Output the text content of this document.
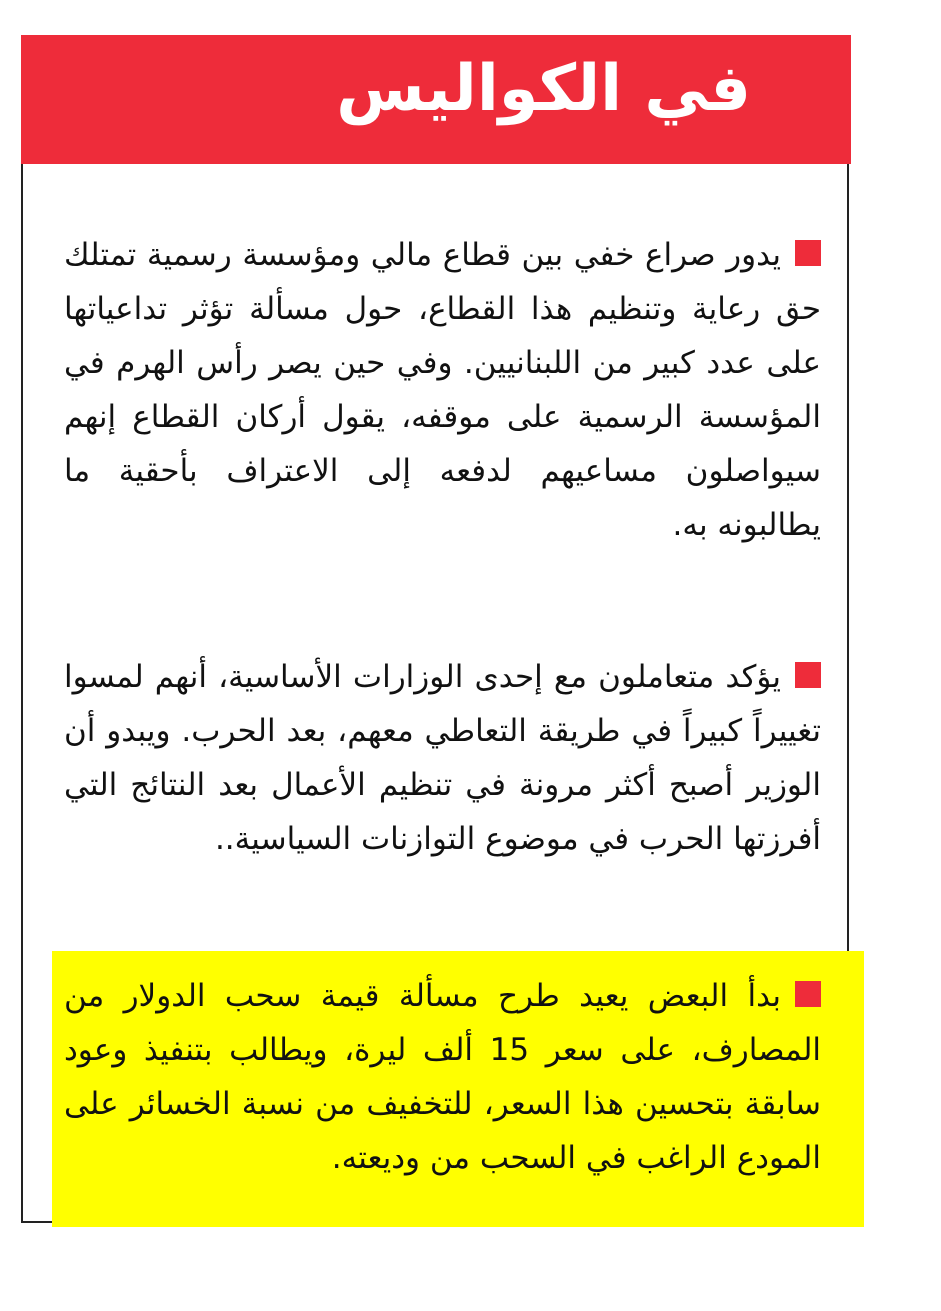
في الكواليس

يدور صراع خفي بين قطاع مالي ومؤسسة رسمية تمتلك حق رعاية وتنظيم هذا القطاع، حول مسألة تؤثر تداعياتها على عدد كبير من اللبنانيين. وفي حين يصر رأس الهرم في المؤسسة الرسمية على موقفه، يقول أركان القطاع إنهم سيواصلون مساعيهم لدفعه إلى الاعتراف بأحقية ما يطالبونه به.

يؤكد متعاملون مع إحدى الوزارات الأساسية، أنهم لمسوا تغييراً كبيراً في طريقة التعاطي معهم، بعد الحرب. ويبدو أن الوزير أصبح أكثر مرونة في تنظيم الأعمال بعد النتائج التي أفرزتها الحرب في موضوع التوازنات السياسية..

بدأ البعض يعيد طرح مسألة قيمة سحب الدولار من المصارف، على سعر 15 ألف ليرة، ويطالب بتنفيذ وعود سابقة بتحسين هذا السعر، للتخفيف من نسبة الخسائر على المودع الراغب في السحب من وديعته.
